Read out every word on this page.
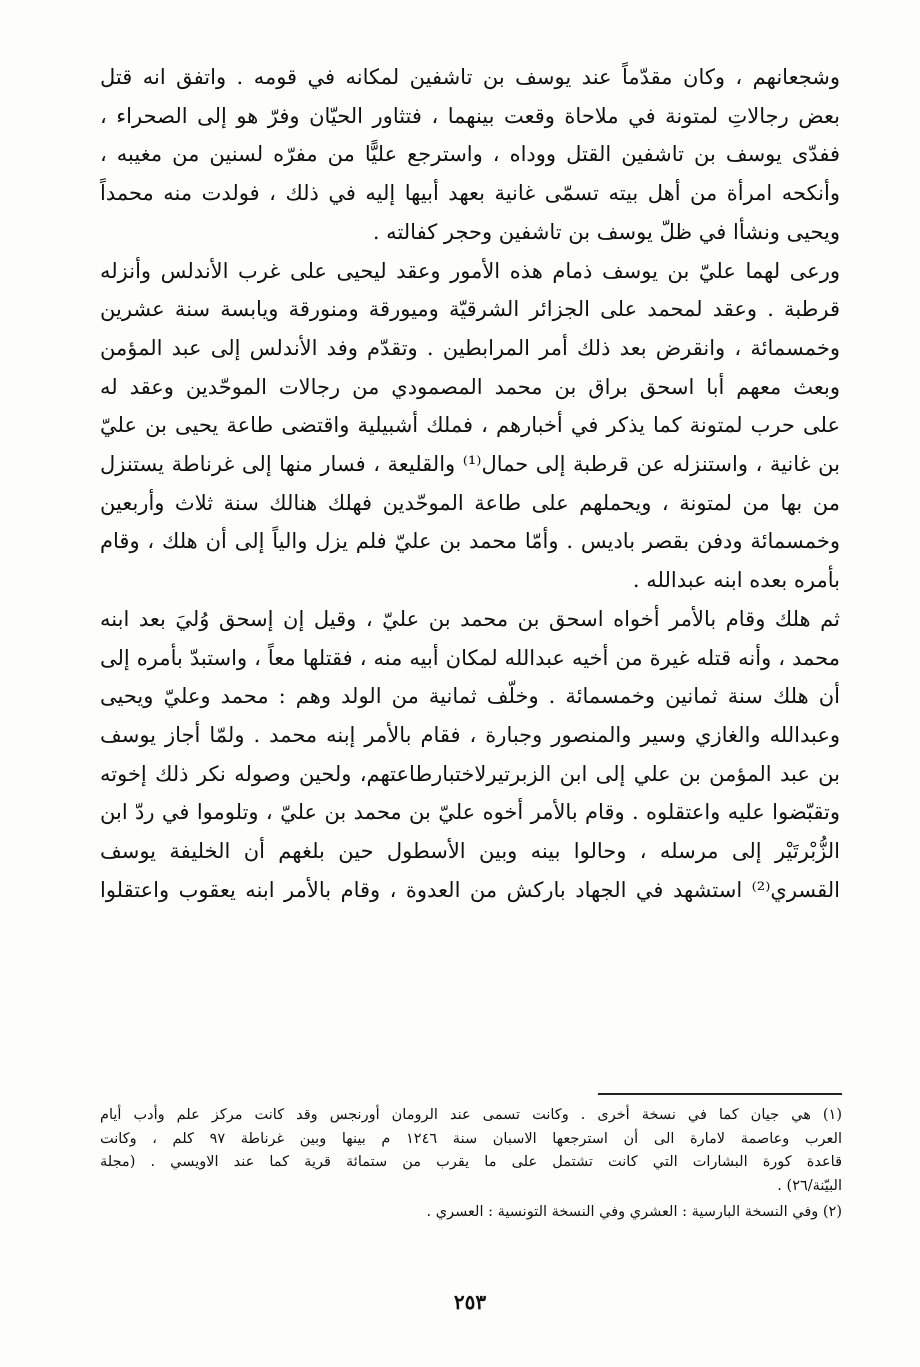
وشجعانهم ، وكان مقدّماً عند يوسف بن تاشفين لمكانه في قومه . واتفق انه قتل
بعض رجالاتِ لمتونة في ملاحاة وقعت بينهما ، فتثاور الحيّان وفرّ هو إلى الصحراء ،
ففدّى يوسف بن تاشفين القتل ووداه ، واسترجع عليًّا من مفرّه لسنين من مغيبه ،
وأنكحه امرأة من أهل بيته تسمّى غانية بعهد أبيها إليه في ذلك ، فولدت منه محمداً
ويحيى ونشأا في ظلّ يوسف بن تاشفين وحجر كفالته .

ورعى لهما عليّ بن يوسف ذمام هذه الأمور وعقد ليحيى على غرب الأندلس وأنزله
قرطبة . وعقد لمحمد على الجزائر الشرقيّة وميورقة ومنورقة ويابسة سنة عشرين
وخمسمائة ، وانقرض بعد ذلك أمر المرابطين . وتقدّم وفد الأندلس إلى عبد المؤمن
وبعث معهم أبا اسحق براق بن محمد المصمودي من رجالات الموحّدين وعقد له
على حرب لمتونة كما يذكر في أخبارهم ، فملك أشبيلية واقتضى طاعة يحيى بن عليّ
بن غانية ، واستنزله عن قرطبة إلى حمال⁽¹⁾ والقليعة ، فسار منها إلى غرناطة يستنزل
من بها من لمتونة ، ويحملهم على طاعة الموحّدين فهلك هنالك سنة ثلاث وأربعين
وخمسمائة ودفن بقصر باديس . وأمّا محمد بن عليّ فلم يزل والياً إلى أن هلك ، وقام
بأمره بعده ابنه عبدالله .

ثم هلك وقام بالأمر أخواه اسحق بن محمد بن عليّ ، وقيل إن إسحق وُليَ بعد ابنه
محمد ، وأنه قتله غيرة من أخيه عبدالله لمكان أبيه منه ، فقتلها معاً ، واستبدّ بأمره إلى
أن هلك سنة ثمانين وخمسمائة . وخلّف ثمانية من الولد وهم : محمد وعليّ ويحيى
وعبدالله والغازي وسير والمنصور وجبارة ، فقام بالأمر إبنه محمد . ولمّا أجاز يوسف
بن عبد المؤمن بن علي إلى ابن الزبرتيرلاختبارطاعتهم، ولحين وصوله نكر ذلك إخوته
وتقبّضوا عليه واعتقلوه . وقام بالأمر أخوه عليّ بن محمد بن عليّ ، وتلوموا في ردّ ابن
الزُّبْرتَيْر إلى مرسله ، وحالوا بينه وبين الأسطول حين بلغهم أن الخليفة يوسف
القسري⁽²⁾ استشهد في الجهاد باركش من العدوة ، وقام بالأمر ابنه يعقوب واعتقلوا

(١) هي جيان كما في نسخة أخرى . وكانت تسمى عند الرومان أورنجس وقد كانت مركز علم وأدب أيام
العرب وعاصمة لامارة الى أن استرجعها الاسبان سنة ١٢٤٦ م بينها وبين غرناطة ٩٧ كلم ، وكانت
قاعدة كورة البشارات التي كانت تشتمل على ما يقرب من ستمائة قرية كما عند الاويسي . (مجلة
البيّنة/٢٦) .

(٢) وفي النسخة البارسية : العشري وفي النسخة التونسية : العسري .

٢٥٣
